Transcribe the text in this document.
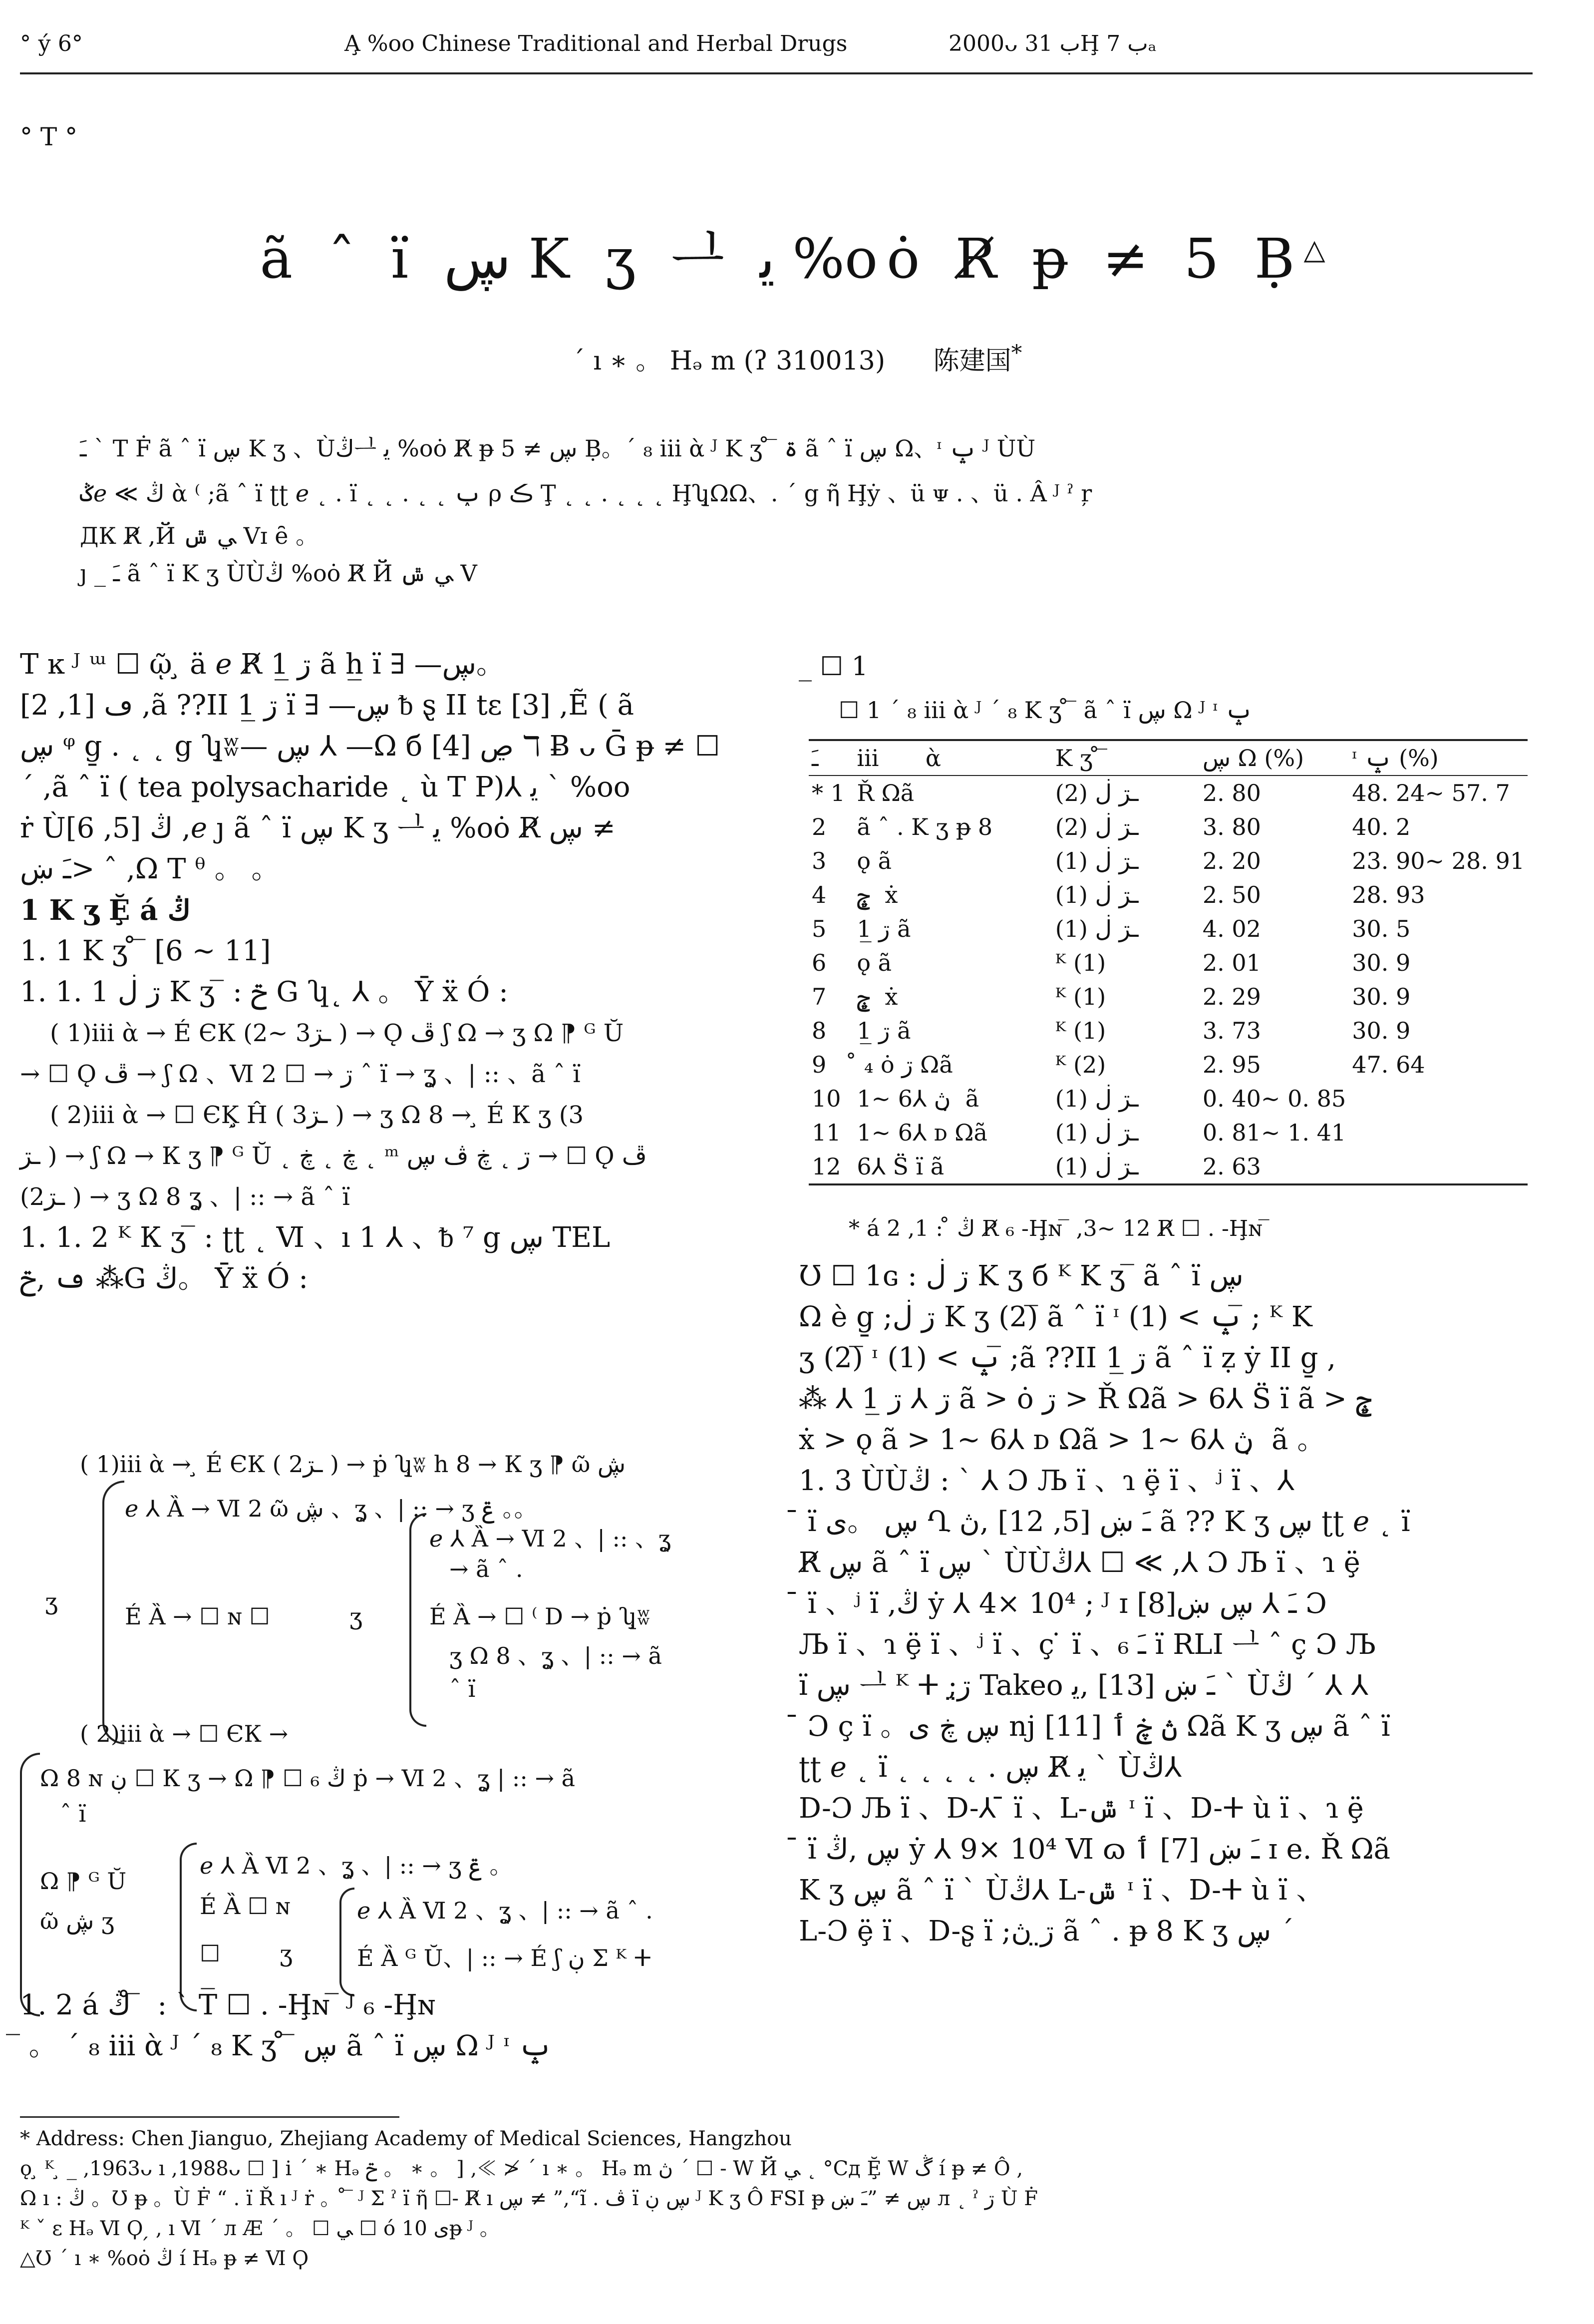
° у́ 6°	A̧ %oo Chinese Traditional and Herbal Drugs	2000ᴗ ب 31Ḩ ب 7ₐ
° T °
ã ˆ ï ڛ K ʒ ᆜ ﻳ %oȯ R̸ ᵽ ≠ 5 Ḅ△
´ ı ∗ 。 Hₔ m (ʔ 310013) 陈建国*
ـَ ˋ T Ḟ ã ˆ ï ڛ K ʒ 、Ùڭᆜ ﻳ %oȯ R̸ ᵽ ڛ ≠ 5 Ḅ。´ ₈ iii ὰ ᴶ K ʒ ̊ ̅ ۃ ã ˆ ï ڛ Ω、ᶦ ݒ ᴶ ÙÙ
ݣℯ ≪ ڭ ὰ ⁽ ;ã ˆ ï ʈʈ ℯ ˛ . ï ˛ ˛ . ˛ ˛ ݕ ρ ڪ Ţ ˛ ˛ . ˛ ˛ ˛ Ḩʮ̧ΩΩ、. ´ g ῆ Ḩẏ 、ü ᴪ . 、ü . Â ᴶ ˀ ŗ
ДК R̸ ,Й ﻲ ݜ Vɪ ȇ 。
ȷ _ ـَ ã ˆ ï K ʒ ÙÙڭ %oȯ R̸ Й ﻲ ݜ V

T ĸ ᴶ ᵚ ☐ ῷ ̧ ä ℯ R̸ ڗ 1̲ ã h̲ ï ∃ —ڛ。

ڡ [1, 2] ,ã ??II ڗ 1̲ ï ∃ —ڛ ᵬ ȿ II tɛ [3] ,Ẽ ( ã

ڛ ᵠ g̱ . ˛ ˛ g ʮ̧ʬ— ڛ ⅄ —Ω б ڝ [4] ℸ Ƀ ᴗ Ḡ ᵽ ≠ ☐

´ ,ã ˆ ï ( tea polysacharide ˛ ù T P)⅄ ﻳ ˋ %oo

ṙ Ùڭ [5, 6] ,ℯ ȷ ã ˆ ï ڛ K ʒ ᆜ ﻳ %oȯ R̸ ڛ ≠

ـَ ښ> ˆ ,Ω T ᶿ 。 。

1 K ʒ Ḝ á ڭ

1. 1 K ʒ ̊ ̅ [6 ~ 11]

1. 1. 1 ڗ ڶ K ʒ ̅ : ݗ G ʮ˛ ⅄ 。 Ῡ ẍ Ó :

( 1)iii ὰ → É ЄК (2~ 3ـڗ ) → Ǫ ڦ ʃ Ω → ʒ Ω ⁋ ᴳ Ŭ

→ ☐ Ǫ ڦ → ʃ Ω 、Ⅵ 2 ☐ → ڗ ˆ ï → ʓ̦ 、| :: 、ã ˆ ï

( 2)iii ὰ → ☐ ЄĶ̧ Ĥ ( 3ـڗ ) → ʒ Ω 8 → ̧ É К ʒ (3

ـڗ ) → ʃ Ω → К ʒ ⁋ ᴳ Ŭ ˛ ڿ ˛ ڿ ˛ ᵐ ڗ ˛ ڿ ڤ ڛ → ☐ Ǫ ڦ

(2ـڗ ) → ʒ Ω 8 ʓ̦ 、| :: → ã ˆ ï

1. 1. 2 ᴷ К ʒ ̅ : ʈʈ ˛ Ⅵ 、ı 1 ⅄ 、ᵬ ⁷ g ڛ TEL

ڡ ,ݗ ⁂G ڭ。 Ῡ ẍ Ó :

( 1)iii ὰ → ̧ É ЄК ( 2ـڗ ) → ṗ ʮ̧ʬ h 8 → К ʒ ⁋ ῶ ڜ
ʒ
ℯ ⅄ Ȁ → Ⅵ 2 ῶ ڜ 、ʓ̦ 、| :: → ʒ ݝ 。。
É Ȁ → ☐ ɴ ☐	ʒ
ℯ ⅄ Ȁ → Ⅵ 2 、| :: 、ʓ̦
→ ã ˆ .
É Ȁ → ☐ ⁽ D → ṗ ʮ̧ʬ
ʒ Ω 8 、ʓ̦ 、| :: → ã
ˆ ï
( 2)iii ὰ → ☐ ЄК →
Ω 8 ɴ ڹ ☐ К ʒ → Ω ⁋ ☐ ₆ ڭ ṗ → Ⅵ 2 、ʓ̦ | :: → ã
ˆ ï
Ω ⁋ ᴳ Ŭ
ℯ ⅄ Ȁ Ⅵ 2 、ʓ̦ 、| :: → ʒ ݝ 。
ῶ ڜ ʒ
É Ȁ ☐ ɴ	ℯ ⅄ Ȁ Ⅵ 2 、ʓ̦ 、| :: → ã ˆ .
☐	ʒ	É Ȁ ᴳ Ŭ、| :: → É ʃ ڹ Σ ᴷ ⵜ

1. 2 á ڭ ̊ ̅ : ˋ T̅ ☐ . -Ḩɴ ̅ ᴶ ₆ -Ḩɴ

̅ 。 ´ ₈ iii ὰ ᴶ ´ ₈ K ʒ ̊ ̅ ڛ ã ˆ ï ڛ Ω ᴶ ᶦ ݒ

_ ☐ 1
☐ 1 ´ ₈ iii ὰ ᴶ ´ ₈ K ʒ ̊ ̅ ã ˆ ï ڛ Ω ᴶ ᶦ ݒ
ـَ	iii	ὰ	K ʒ ̊ ̅	ڛ Ω (%)	ᶦ ݒ (%)
* 1	Ř Ωã		ـڗ ڶ (2)	2. 80	48. 24~ 57. 7
2	ã ˆ . K ʒ ᵽ 8		ـڗ ڶ (2)	3. 80	40. 2
3	ǫ ã		ـڗ ڶ (1)	2. 20	23. 90~ 28. 91
4	ݘ ̧ ẋ		ـڗ ڶ (1)	2. 50	28. 93
5	ڗ 1̲ ã		ـڗ ڶ (1)	4. 02	30. 5
6	ǫ ã		ᴷ (1)	2. 01	30. 9
7	ݘ ̧ ẋ		ᴷ (1)	2. 29	30. 9
8	ڗ 1̲ ã		ᴷ (1)	3. 73	30. 9
9	̊ ₄ ȯ ڗ Ωã		ᴷ (2)	2. 95	47. 64
10	1~ 6⅄ ڽ ̣ ã		ـڗ ڶ (1)	0. 40~ 0. 85	
11	1~ 6⅄ ᴅ Ωã		ـڗ ڶ (1)	0. 81~ 1. 41	
12	6⅄ S̈ ï ã		ـڗ ڶ (1)	2. 63	
* á ڭ ̊ : 1, 2 R̸ ₆ -Ḩɴ ̅ ,3~ 12 R̸ ☐ . -Ḩɴ ̅

Ʊ ☐ 1ɢ : ڗ ڶ K ʒ б ᴷ K ʒ ̅ ã ˆ ï ڛ

Ω ѐ g̱ ;ڗ ڶ K ʒ (2)̅ ã ˆ ï ᶦ ݒ > (1)̅ ; ᴷ K

ʒ (2)̅ ᶦ ݒ > (1)̅ ;ã ??II ڗ 1̲ ã ˆ ï ẓ ẏ II g̱ ,

⁂ ⅄ ڗ ⅄ ڗ 1̲ ã > ȯ ڗ > Ř Ωã > 6⅄ S̈ ï ã > ݘ ̧

ẋ > ǫ ã > 1~ 6⅄ ᴅ Ωã > 1~ 6⅄ ڽ ̣ ã 。

1. 3 ÙÙڭ : ˋ ⅄ Ɔ Љ ï 、ɿ ȩ̈ ï 、ʲ ï 、⅄

̄ ï ڛ 。ى Ղ ـَ ښ [5, 12] ,ڽ ã ?? K ʒ ڛ ʈʈ ℯ ˛ ï

R̸ ڛ ã ˆ ï ڛ ˋ ÙÙڭ⅄ ☐ ≪ ,⅄ Ɔ Љ ï 、ɿ ȩ̈

̄ ï 、ʲ ï ,ڭ ẏ ⅄ 4× 10⁴ ; ᴶ ɪ [8]ـَ ⅄ ڛ ښ Ɔ

Љ ï 、ɿ ȩ̈ ï 、ʲ ï 、ç ̇ ï 、ـَ ₆ ï RLI ᆜ ˆ ç Ɔ Љ

ï ڛ ᆜ ᴷ ⵜ ;ڗ̤ Takeo ـَ ښ [13] ,ﻳ ˋ Ùڭ ´ ⅄ ⅄

̄ Ɔ ç ï 。ڛ ڿ ى nj [11] ڽ ڿ ٲ Ωã K ʒ ڛ ã ˆ ï

ʈʈ ℯ ˛ ï ˛ ˛ ˛ ˛ . ڛ R̸ ﻳ ˋ Ùڭ⅄

D-Ɔ Љ ï 、D-⅄ ̄ ï 、L-ݜ ᶦ ï 、D-ⵜ ù ï 、ɿ ȩ̈

̄ ï ڛ ,ڭ ẏ ⅄ 9× 10⁴ Ⅵ ɷ ـَ ښ [7] ٲ ɪ e. Ř Ωã

K ʒ ڛ ã ˆ ï ˋ Ùڭ⅄ L-ݜ ᶦ ï 、D-ⵜ ù ï 、

L-Ɔ ȩ̈ ï 、D-ʂ ï ;ڗ̤ ڽ ã ˆ . ᵽ 8 K ʒ ڛ ˊ

* Address: Chen Jianguo, Zhejiang Academy of Medical Sciences, Hangzhou
ǫ ̧ ᴷ ̧ _ ,1963ᴗ ı ,1988ᴗ ☐ ] i ´ ∗ Hₔ ݗ 。 ∗ 。 ] ,≪ ≯ ´ ı ∗ 。 Hₔ m ڽ ˊ ☐ - W Й ﻲ ˛ °Cд Ḝ W ڴ í ᵽ ≠ Ô ,
Ω ı : ڭ 。Ʊ ᵽ 。Ù Ḟ “ . ï Ř ı ᴶ ṙ 。 ̊ ̅ ᴶ Σ ˀ ï ῆ ☐- R̸ ı ڛ ≠ ”,“ı̃ . ڤ ï ڛ ڹ ᴶ K ʒ Ô FSI ᵽ ڛ ≠ ”ـَ ښ л ˛ ˀ ڗ Ù Ḟ
ᴷ ˇ ɛ Hₔ Ⅵ Ϙ ̗ , ı Ⅵ ˊ л Æ ˊ 。 ☐ ﻲ ☐ ó ى 10ᵽ ᴶ 。
△Ʊ ´ ı ∗ %oȯ ڭ í Hₔ ᵽ ≠ Ⅵ Ϙ
